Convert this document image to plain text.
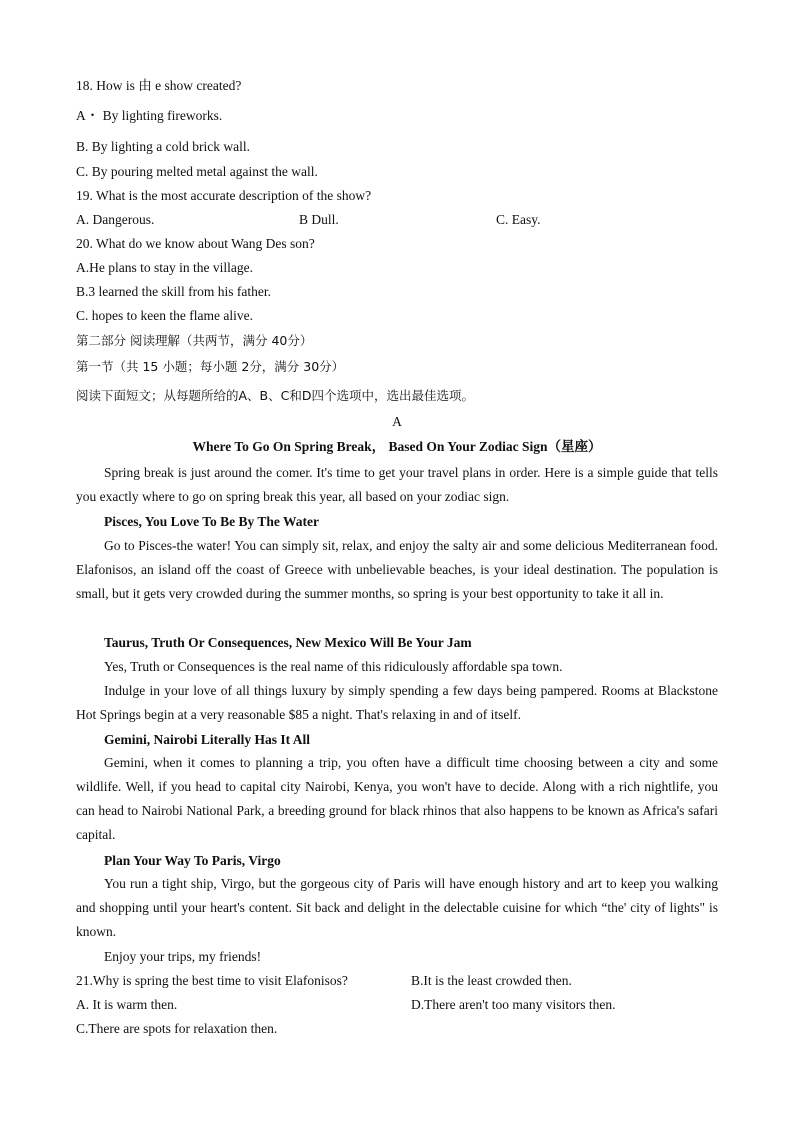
18. How is 由 e show created?
A・ By lighting fireworks.
B. By lighting a cold brick wall.
C. By pouring melted metal against the wall.
19. What is the most accurate description of the show?
A. Dangerous.	B Dull.	C. Easy.
20. What do we know about Wang Des son?
A.He plans to stay in the village.
B.3 learned the skill from his father.
C. hopes to keen the flame alive.
第二部分 阅读理解（共两节，满分 40分）
第一节（共 15 小题；每小题 2分，满分 30分）
阅读下面短文；从每题所给的A、B、C和D四个选项中，选出最佳选项。
A
Where To Go On Spring Break， Based On Your Zodiac Sign（星座）
Spring break is just around the comer. It's time to get your travel plans in order. Here is a simple guide that tells you exactly where to go on spring break this year, all based on your zodiac sign.
Pisces, You Love To Be By The Water
Go to Pisces-the water! You can simply sit, relax, and enjoy the salty air and some delicious Mediterranean food. Elafonisos, an island off the coast of Greece with unbelievable beaches, is your ideal destination. The population is small, but it gets very crowded during the summer months, so spring is your best opportunity to take it all in.
Taurus, Truth Or Consequences, New Mexico Will Be Your Jam
Yes, Truth or Consequences is the real name of this ridiculously affordable spa town.
Indulge in your love of all things luxury by simply spending a few days being pampered. Rooms at Blackstone Hot Springs begin at a very reasonable $85 a night. That's relaxing in and of itself.
Gemini, Nairobi Literally Has It All
Gemini, when it comes to planning a trip, you often have a difficult time choosing between a city and some wildlife. Well, if you head to capital city Nairobi, Kenya, you won't have to decide. Along with a rich nightlife, you can head to Nairobi National Park, a breeding ground for black rhinos that also happens to be known as Africa's safari capital.
Plan Your Way To Paris, Virgo
You run a tight ship, Virgo, but the gorgeous city of Paris will have enough history and art to keep you walking and shopping until your heart's content. Sit back and delight in the delectable cuisine for which “the' city of lights" is known.
Enjoy your trips, my friends!
21.Why is spring the best time to visit Elafonisos?	B.It is the least crowded then.
A. It is warm then.	D.There aren't too many visitors then.
C.There are spots for relaxation then.
